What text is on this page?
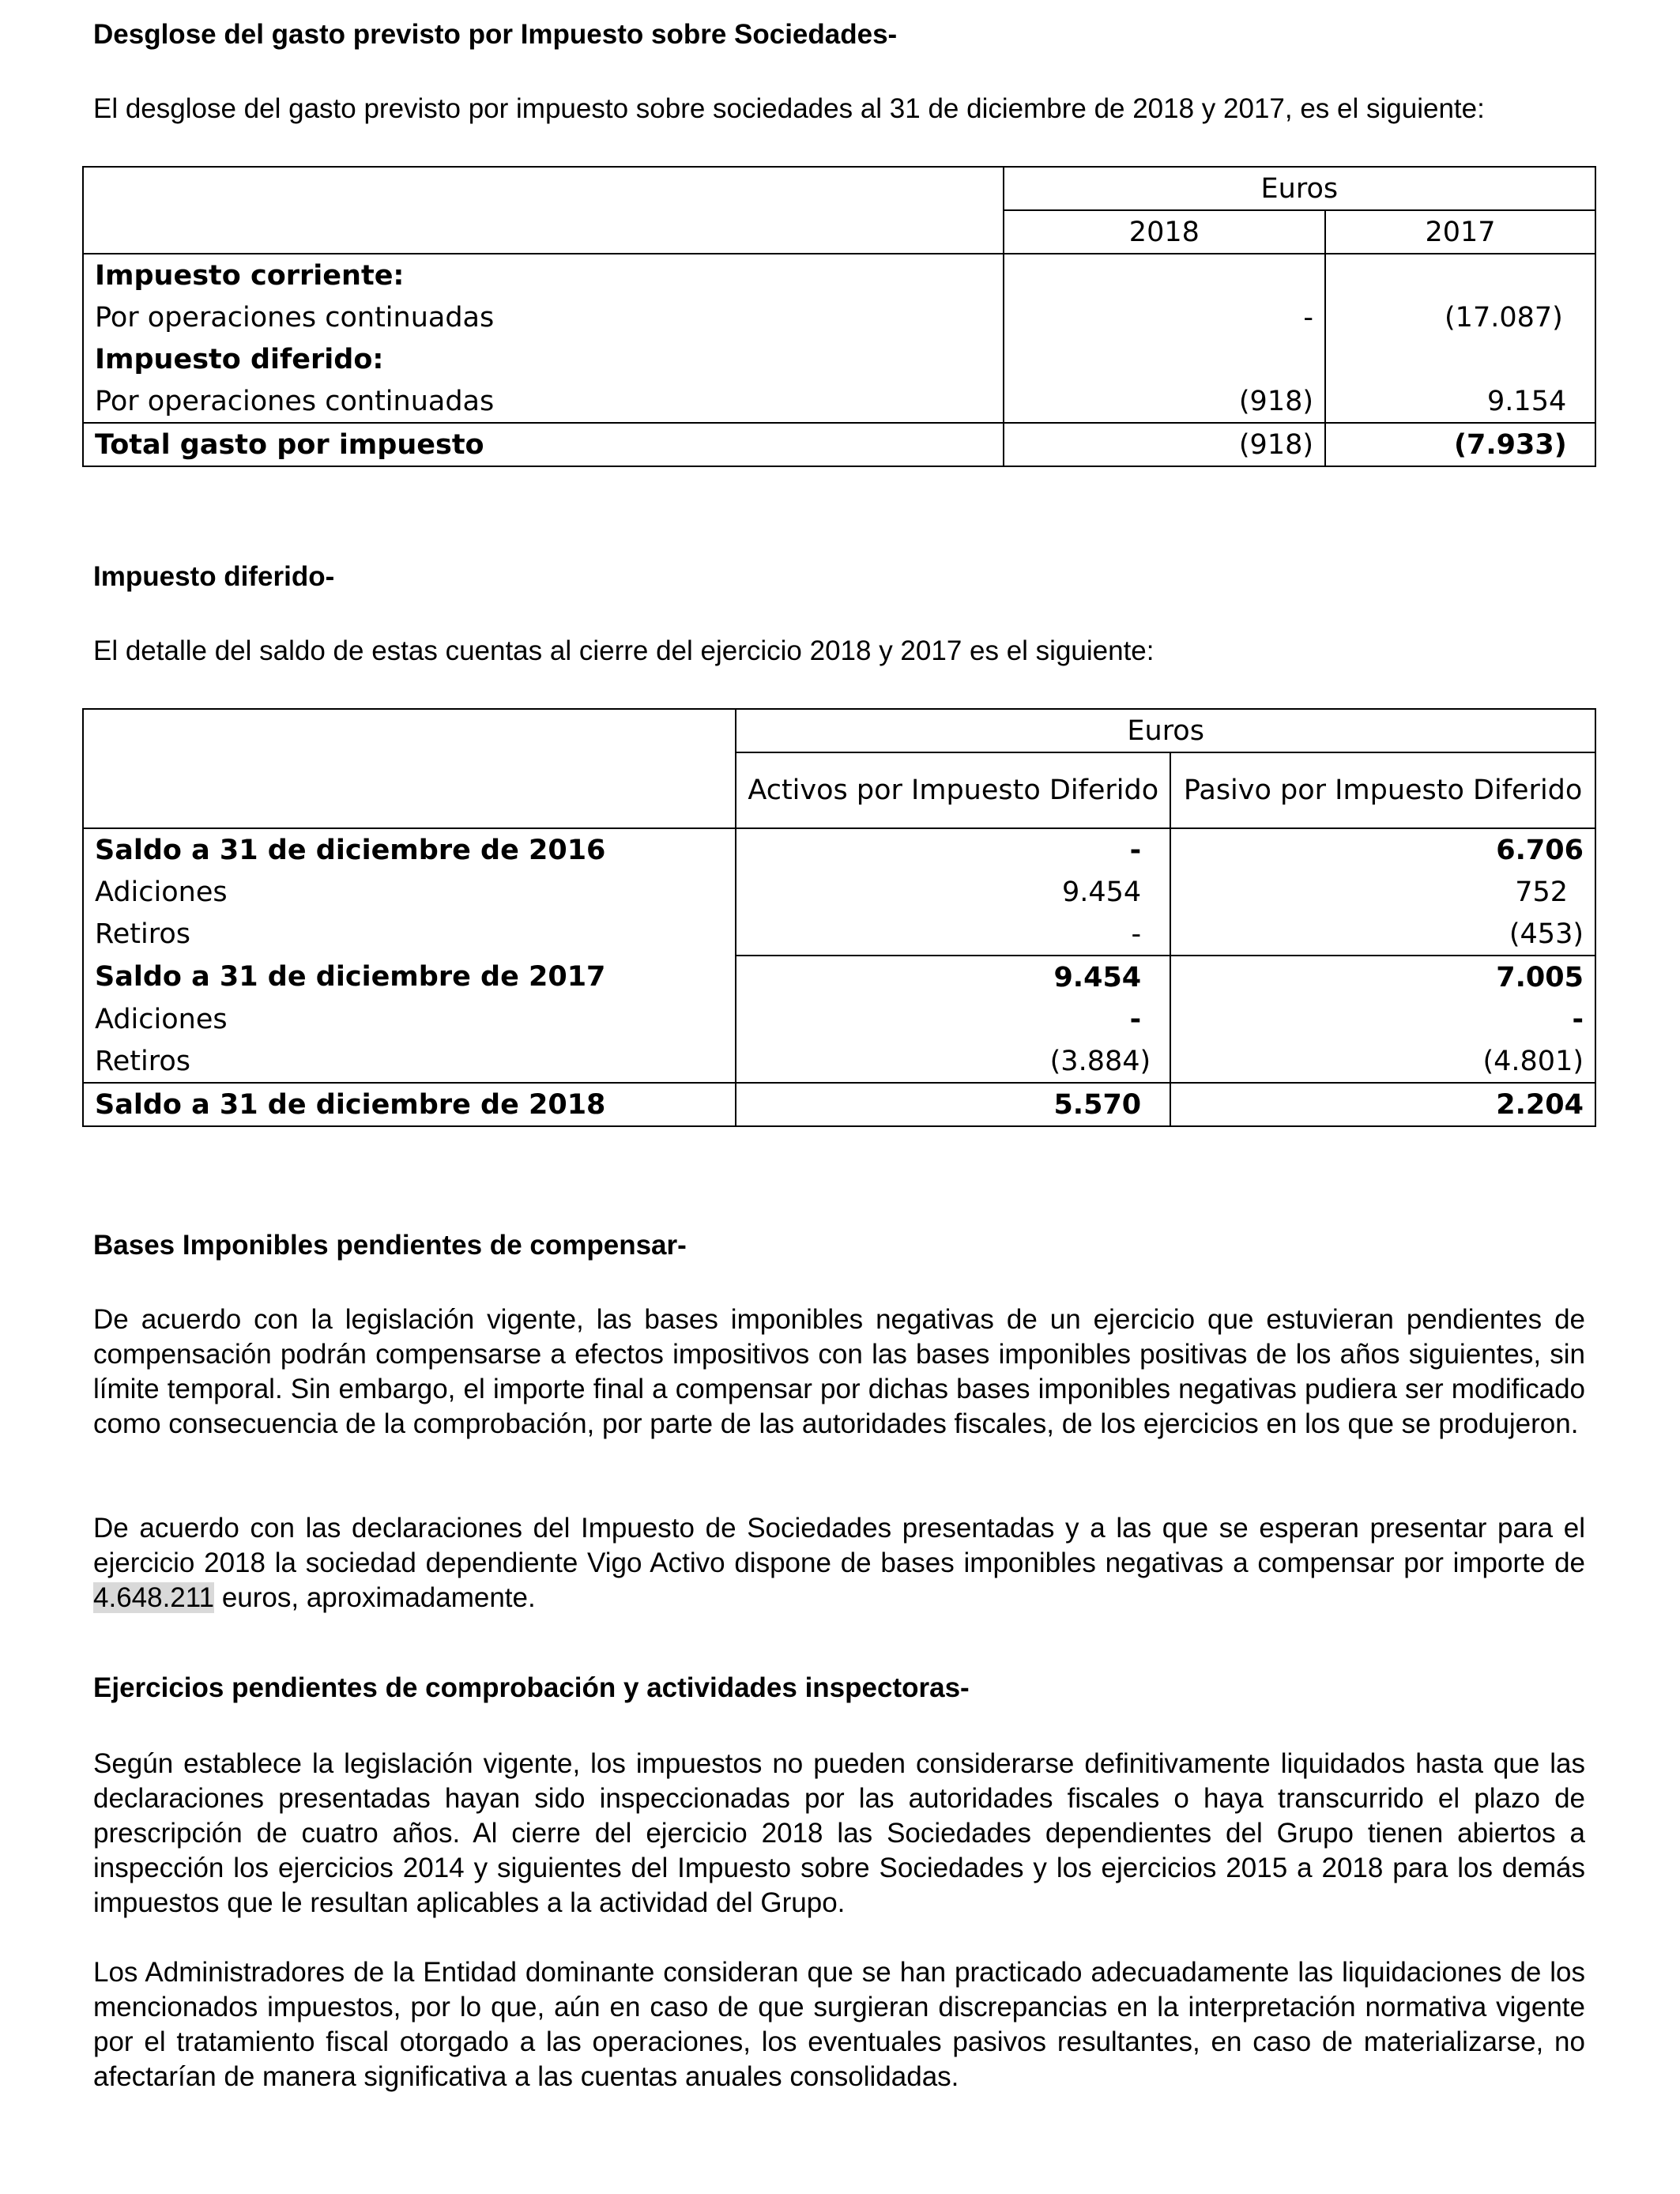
Desglose del gasto previsto por Impuesto sobre Sociedades-
El desglose del gasto previsto por impuesto sobre sociedades al 31 de diciembre de 2018 y 2017, es el siguiente:
	Euros	
	2018	2017
Impuesto corriente:		
Por operaciones continuadas	-	(17.087)
Impuesto diferido:		
Por operaciones continuadas	(918)	9.154
Total gasto por impuesto	(918)	(7.933)
Impuesto diferido-
El detalle del saldo de estas cuentas al cierre del ejercicio 2018 y 2017 es el siguiente:
	Euros	
	Activos por Impuesto Diferido	Pasivo por Impuesto Diferido
Saldo a 31 de diciembre de 2016	-	6.706
Adiciones	9.454	752
Retiros	-	(453)
Saldo a 31 de diciembre de 2017	9.454	7.005
Adiciones	-	-
Retiros	(3.884)	(4.801)
Saldo a 31 de diciembre de 2018	5.570	2.204
Bases Imponibles pendientes de compensar-
De acuerdo con la legislación vigente, las bases imponibles negativas de un ejercicio que estuvieran pendientes de compensación podrán compensarse a efectos impositivos con las bases imponibles positivas de los años siguientes, sin límite temporal. Sin embargo, el importe final a compensar por dichas bases imponibles negativas pudiera ser modificado como consecuencia de la comprobación, por parte de las autoridades fiscales, de los ejercicios en los que se produjeron.
De acuerdo con las declaraciones del Impuesto de Sociedades presentadas y a las que se esperan presentar para el ejercicio 2018 la sociedad dependiente Vigo Activo dispone de bases imponibles negativas a compensar por importe de 4.648.211 euros, aproximadamente.
Ejercicios pendientes de comprobación y actividades inspectoras-
Según establece la legislación vigente, los impuestos no pueden considerarse definitivamente liquidados hasta que las declaraciones presentadas hayan sido inspeccionadas por las autoridades fiscales o haya transcurrido el plazo de prescripción de cuatro años. Al cierre del ejercicio 2018 las Sociedades dependientes del Grupo tienen abiertos a inspección los ejercicios 2014 y siguientes del Impuesto sobre Sociedades y los ejercicios 2015 a 2018 para los demás impuestos que le resultan aplicables a la actividad del Grupo.
Los Administradores de la Entidad dominante consideran que se han practicado adecuadamente las liquidaciones de los mencionados impuestos, por lo que, aún en caso de que surgieran discrepancias en la interpretación normativa vigente por el tratamiento fiscal otorgado a las operaciones, los eventuales pasivos resultantes, en caso de materializarse, no afectarían de manera significativa a las cuentas anuales consolidadas.
